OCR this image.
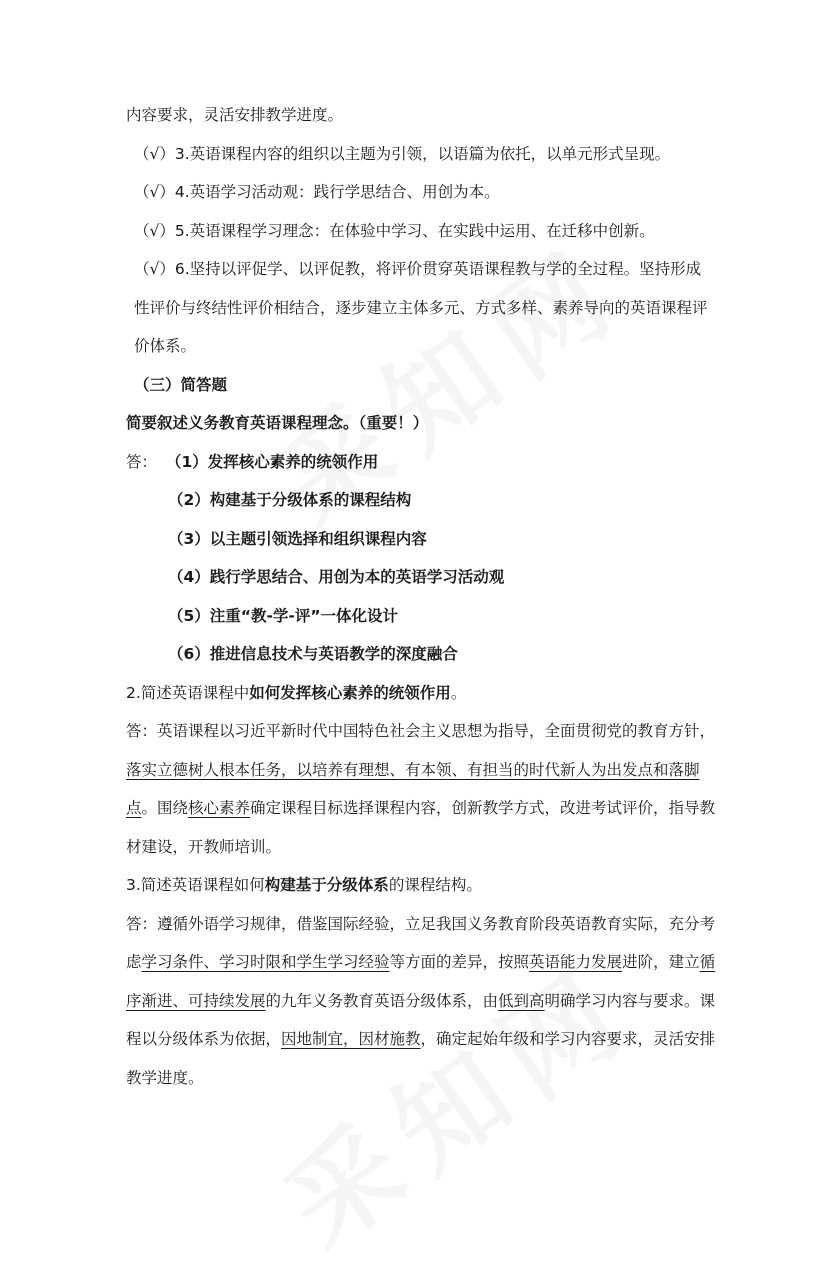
内容要求，灵活安排教学进度。

（√）3.英语课程内容的组织以主题为引领，以语篇为依托，以单元形式呈现。

（√）4.英语学习活动观：践行学思结合、用创为本。

（√）5.英语课程学习理念：在体验中学习、在实践中运用、在迁移中创新。

（√）6.坚持以评促学、以评促教，将评价贯穿英语课程教与学的全过程。坚持形成性评价与终结性评价相结合，逐步建立主体多元、方式多样、素养导向的英语课程评价体系。

（三）简答题

简要叙述义务教育英语课程理念。（重要！）

答： （1）发挥核心素养的统领作用

（2）构建基于分级体系的课程结构

（3）以主题引领选择和组织课程内容

（4）践行学思结合、用创为本的英语学习活动观

（5）注重“教-学-评”一体化设计

（6）推进信息技术与英语教学的深度融合

2.简述英语课程中如何发挥核心素养的统领作用。

答：英语课程以习近平新时代中国特色社会主义思想为指导，全面贯彻党的教育方针，落实立德树人根本任务，以培养有理想、有本领、有担当的时代新人为出发点和落脚点。围绕核心素养确定课程目标选择课程内容，创新教学方式，改进考试评价，指导教材建设，开教师培训。

3.简述英语课程如何构建基于分级体系的课程结构。

答：遵循外语学习规律，借鉴国际经验，立足我国义务教育阶段英语教育实际，充分考虑学习条件、学习时限和学生学习经验等方面的差异，按照英语能力发展进阶，建立循序渐进、可持续发展的九年义务教育英语分级体系，由低到高明确学习内容与要求。课程以分级体系为依据，因地制宜，因材施教，确定起始年级和学习内容要求，灵活安排教学进度。
